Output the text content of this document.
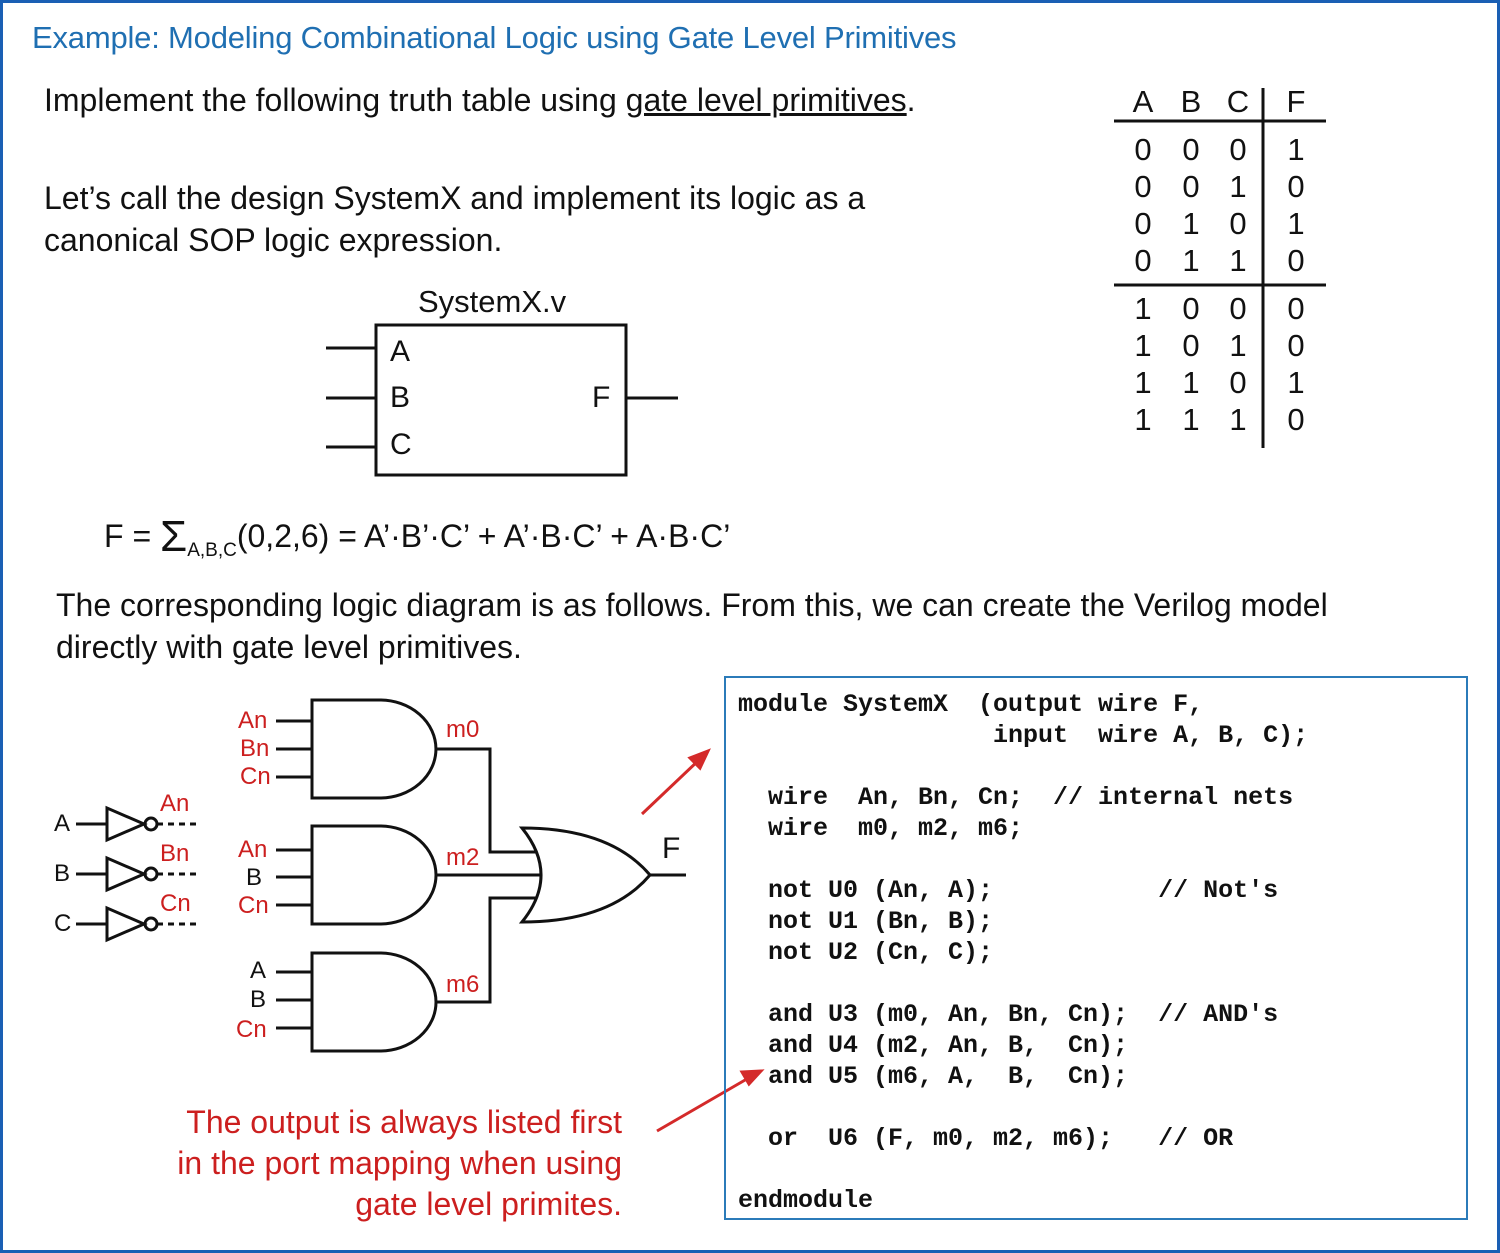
Example: Modeling Combinational Logic using Gate Level Primitives
Implement the following truth table using gate level primitives.
Let’s call the design SystemX and implement its logic as a
canonical SOP logic expression.
SystemX.v
A
B
C
F
A B C	F
0 0 0	1
0 0 1	0
0 1 0	1
0 1 1	0
1 0 0	0
1 0 1	0
1 1 0	1
1 1 1	0
$F = \Sigma_{A,B,C}(0,2,6)$ = A’·B’·C’ + A’·B·C’ + A·B·C’
The corresponding logic diagram is as follows. From this, we can create the Verilog model
directly with gate level primitives.
A
B
C
An
Bn
Cn
An
Bn
Cn
An
B
Cn
A
B
Cn
m0
m2
m6
F
module SystemX  (output wire F,
input  wire A, B, C);
wire  An, Bn, Cn;  // internal nets
wire  m0, m2, m6;
not U0 (An, A);           // Not's
not U1 (Bn, B);
not U2 (Cn, C);
and U3 (m0, An, Bn, Cn);  // AND's
and U4 (m2, An, B,  Cn);
and U5 (m6, A,  B,  Cn);
or  U6 (F, m0, m2, m6);   // OR
endmodule
The output is always listed first
in the port mapping when using
gate level primites.
